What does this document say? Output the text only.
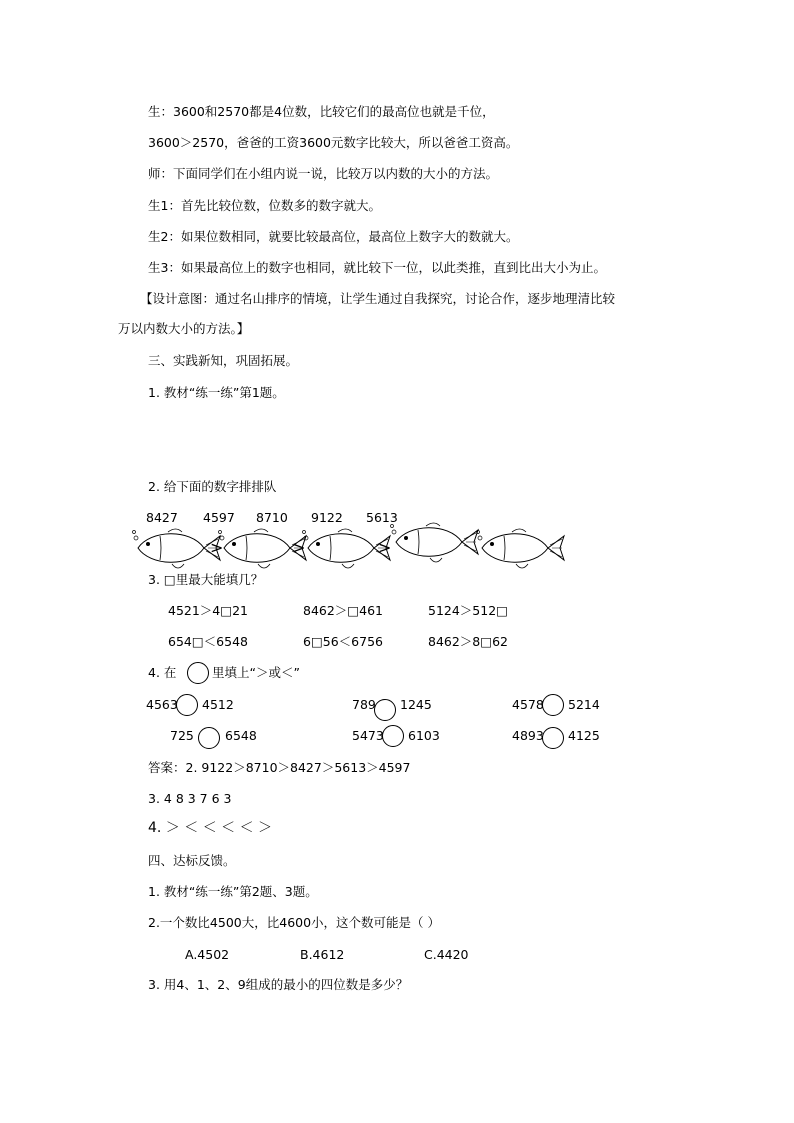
生：3600和2570都是4位数，比较它们的最高位也就是千位，
3600＞2570，爸爸的工资3600元数字比较大，所以爸爸工资高。
师：下面同学们在小组内说一说，比较万以内数的大小的方法。
生1：首先比较位数，位数多的数字就大。
生2：如果位数相同，就要比较最高位，最高位上数字大的数就大。
生3：如果最高位上的数字也相同，就比较下一位，以此类推，直到比出大小为止。
【设计意图：通过名山排序的情境，让学生通过自我探究，讨论合作，逐步地理清比较
万以内数大小的方法。】
三、实践新知，巩固拓展。
1. 教材“练一练”第1题。
2. 给下面的数字排排队
8427 4597 8710 9122 5613
>	>	>
3. □里最大能填几？
4521＞4□21	8462＞□461	5124＞512□
654□＜6548	6□56＜6756	8462＞8□62
4. 在	里填上“＞或＜”
4563 4512	789 1245	4578 5214
725 6548	5473 6103	4893 4125
答案：2. 9122＞8710＞8427＞5613＞4597
3. 4 8 3 7 6 3
4. ＞ ＜ ＜ ＜ ＜ ＞
四、达标反馈。
1. 教材“练一练”第2题、3题。
2.一个数比4500大，比4600小，这个数可能是（ ）
A.4502	B.4612	C.4420
3. 用4、1、2、9组成的最小的四位数是多少？
